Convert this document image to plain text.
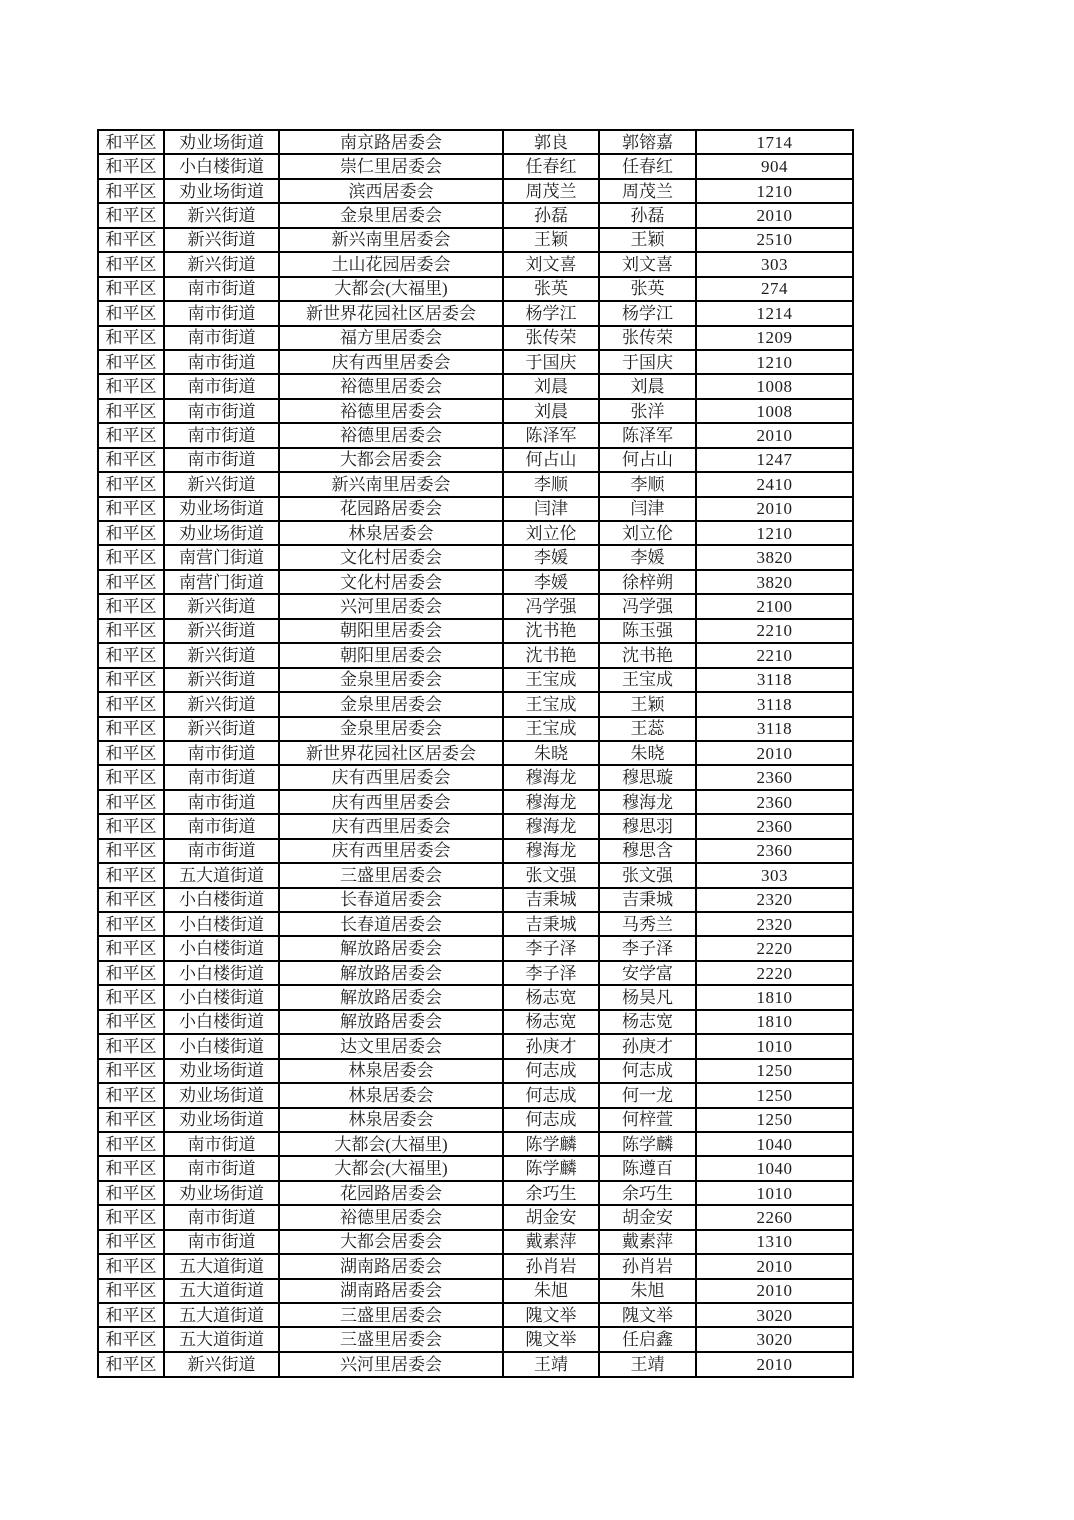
和平区	劝业场街道	南京路居委会	郭良	郭镕嘉	1714
和平区	小白楼街道	崇仁里居委会	任春红	任春红	904
和平区	劝业场街道	滨西居委会	周茂兰	周茂兰	1210
和平区	新兴街道	金泉里居委会	孙磊	孙磊	2010
和平区	新兴街道	新兴南里居委会	王颖	王颖	2510
和平区	新兴街道	土山花园居委会	刘文喜	刘文喜	303
和平区	南市街道	大都会(大福里)	张英	张英	274
和平区	南市街道	新世界花园社区居委会	杨学江	杨学江	1214
和平区	南市街道	福方里居委会	张传荣	张传荣	1209
和平区	南市街道	庆有西里居委会	于国庆	于国庆	1210
和平区	南市街道	裕德里居委会	刘晨	刘晨	1008
和平区	南市街道	裕德里居委会	刘晨	张洋	1008
和平区	南市街道	裕德里居委会	陈泽军	陈泽军	2010
和平区	南市街道	大都会居委会	何占山	何占山	1247
和平区	新兴街道	新兴南里居委会	李顺	李顺	2410
和平区	劝业场街道	花园路居委会	闫津	闫津	2010
和平区	劝业场街道	林泉居委会	刘立伦	刘立伦	1210
和平区	南营门街道	文化村居委会	李媛	李媛	3820
和平区	南营门街道	文化村居委会	李媛	徐梓朔	3820
和平区	新兴街道	兴河里居委会	冯学强	冯学强	2100
和平区	新兴街道	朝阳里居委会	沈书艳	陈玉强	2210
和平区	新兴街道	朝阳里居委会	沈书艳	沈书艳	2210
和平区	新兴街道	金泉里居委会	王宝成	王宝成	3118
和平区	新兴街道	金泉里居委会	王宝成	王颖	3118
和平区	新兴街道	金泉里居委会	王宝成	王蕊	3118
和平区	南市街道	新世界花园社区居委会	朱晓	朱晓	2010
和平区	南市街道	庆有西里居委会	穆海龙	穆思璇	2360
和平区	南市街道	庆有西里居委会	穆海龙	穆海龙	2360
和平区	南市街道	庆有西里居委会	穆海龙	穆思羽	2360
和平区	南市街道	庆有西里居委会	穆海龙	穆思含	2360
和平区	五大道街道	三盛里居委会	张文强	张文强	303
和平区	小白楼街道	长春道居委会	吉秉城	吉秉城	2320
和平区	小白楼街道	长春道居委会	吉秉城	马秀兰	2320
和平区	小白楼街道	解放路居委会	李子泽	李子泽	2220
和平区	小白楼街道	解放路居委会	李子泽	安学富	2220
和平区	小白楼街道	解放路居委会	杨志宽	杨昊凡	1810
和平区	小白楼街道	解放路居委会	杨志宽	杨志宽	1810
和平区	小白楼街道	达文里居委会	孙庚才	孙庚才	1010
和平区	劝业场街道	林泉居委会	何志成	何志成	1250
和平区	劝业场街道	林泉居委会	何志成	何一龙	1250
和平区	劝业场街道	林泉居委会	何志成	何梓萱	1250
和平区	南市街道	大都会(大福里)	陈学麟	陈学麟	1040
和平区	南市街道	大都会(大福里)	陈学麟	陈遵百	1040
和平区	劝业场街道	花园路居委会	余巧生	余巧生	1010
和平区	南市街道	裕德里居委会	胡金安	胡金安	2260
和平区	南市街道	大都会居委会	戴素萍	戴素萍	1310
和平区	五大道街道	湖南路居委会	孙肖岩	孙肖岩	2010
和平区	五大道街道	湖南路居委会	朱旭	朱旭	2010
和平区	五大道街道	三盛里居委会	隗文举	隗文举	3020
和平区	五大道街道	三盛里居委会	隗文举	任启鑫	3020
和平区	新兴街道	兴河里居委会	王靖	王靖	2010
